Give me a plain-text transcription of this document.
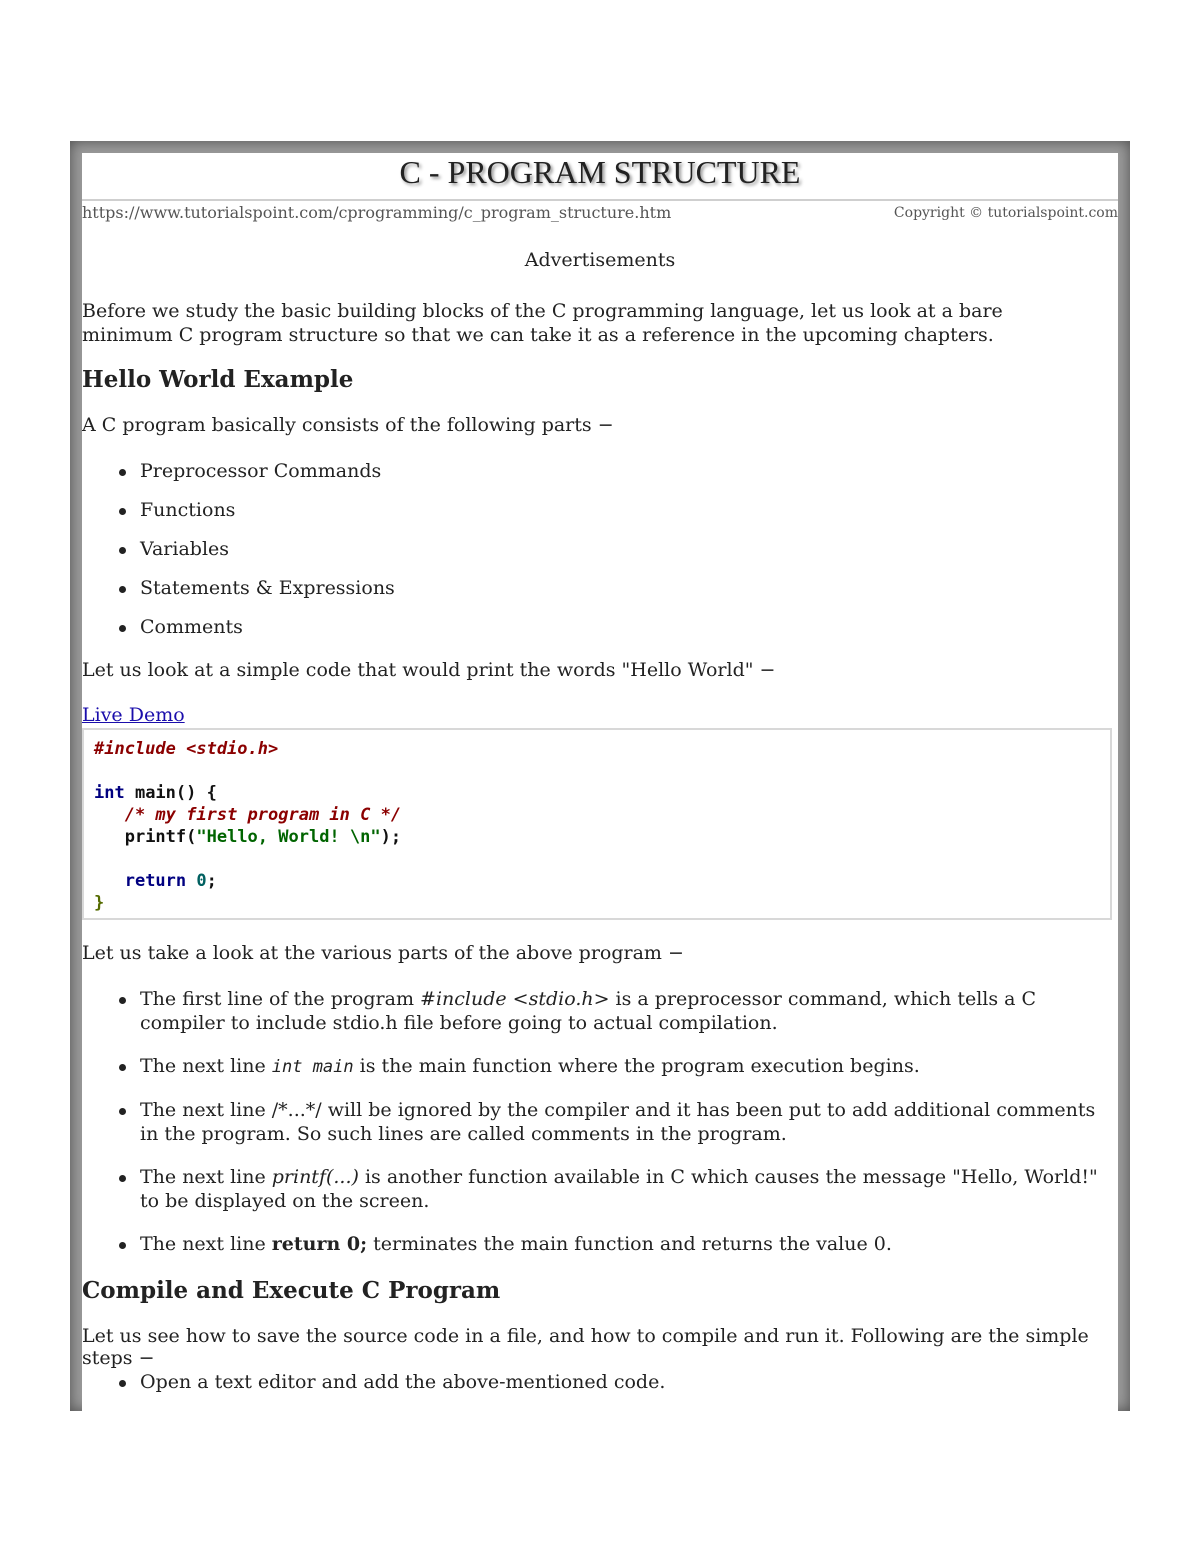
C - PROGRAM STRUCTURE
https://www.tutorialspoint.com/cprogramming/c_program_structure.htm	Copyright © tutorialspoint.com
Advertisements

Before we study the basic building blocks of the C programming language, let us look at a bare minimum C program structure so that we can take it as a reference in the upcoming chapters.

Hello World Example
A C program basically consists of the following parts −
Preprocessor Commands
Functions
Variables
Statements & Expressions
Comments
Let us look at a simple code that would print the words "Hello World" −
Live Demo
#include <stdio.h>

int main() {
/* my first program in C */
printf("Hello, World! \n");

return 0;
}
Let us take a look at the various parts of the above program −
The first line of the program #include <stdio.h> is a preprocessor command, which tells a C compiler to include stdio.h file before going to actual compilation.
The next line int main is the main function where the program execution begins.
The next line /*...*/ will be ignored by the compiler and it has been put to add additional comments in the program. So such lines are called comments in the program.
The next line printf(...) is another function available in C which causes the message "Hello, World!" to be displayed on the screen.
The next line return 0; terminates the main function and returns the value 0.
Compile and Execute C Program
Let us see how to save the source code in a file, and how to compile and run it. Following are the simple steps −
Open a text editor and add the above-mentioned code.
